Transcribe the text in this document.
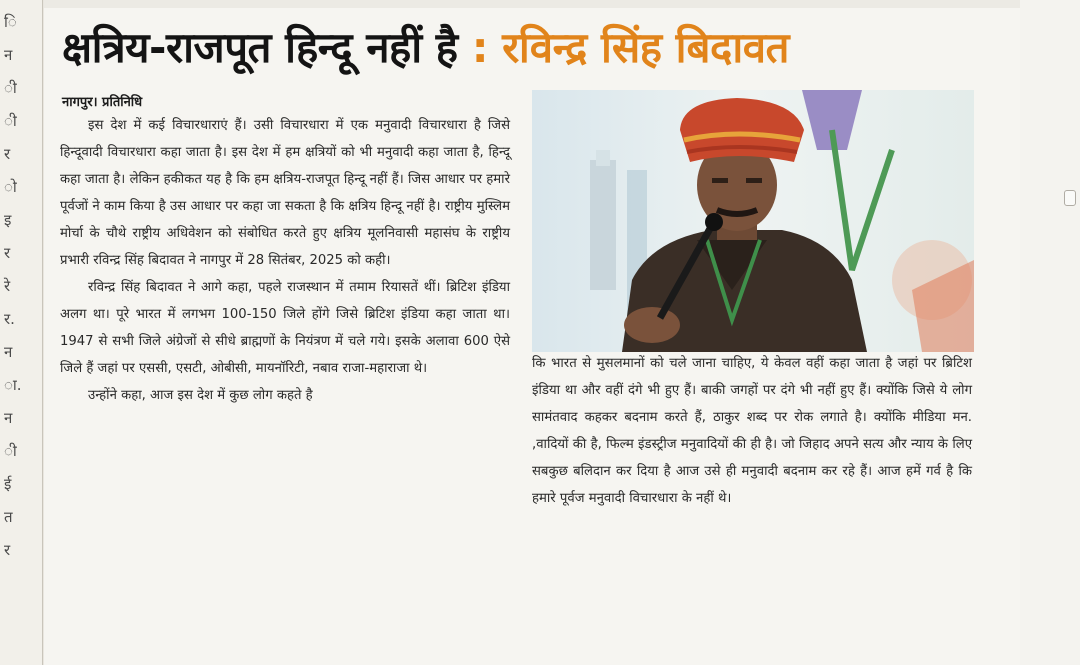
ि
न
ी
ी
र
ो
इ
र
रे
र.
न
ा.
न
ी
ई
त
र
क्षत्रिय-राजपूत हिन्दू नहीं है : रविन्द्र सिंह बिदावत
नागपुर। प्रतिनिधि

इस देश में कई विचारधाराएं हैं। उसी विचारधारा में एक मनुवादी विचारधारा है जिसे हिन्दूवादी विचारधारा कहा जाता है। इस देश में हम क्षत्रियों को भी मनुवादी कहा जाता है, हिन्दू कहा जाता है। लेकिन हकीकत यह है कि हम क्षत्रिय-राजपूत हिन्दू नहीं हैं। जिस आधार पर हमारे पूर्वजों ने काम किया है उस आधार पर कहा जा सकता है कि क्षत्रिय हिन्दू नहीं है। राष्ट्रीय मुस्लिम मोर्चा के चौथे राष्ट्रीय अधिवेशन को संबोधित करते हुए क्षत्रिय मूलनिवासी महासंघ के राष्ट्रीय प्रभारी रविन्द्र सिंह बिदावत ने नागपुर में 28 सितंबर, 2025 को कही।

रविन्द्र सिंह बिदावत ने आगे कहा, पहले राजस्थान में तमाम रियासतें थीं। ब्रिटिश इंडिया अलग था। पूरे भारत में लगभग 100-150 जिले होंगे जिसे ब्रिटिश इंडिया कहा जाता था। 1947 से सभी जिले अंग्रेजों से सीधे ब्राह्मणों के नियंत्रण में चले गये। इसके अलावा 600 ऐसे जिले हैं जहां पर एससी, एसटी, ओबीसी, मायनॉरिटी, नबाव राजा-महाराजा थे।

उन्होंने कहा, आज इस देश में कुछ लोग कहते है

कि भारत से मुसलमानों को चले जाना चाहिए, ये केवल वहीं कहा जाता है जहां पर ब्रिटिश इंडिया था और वहीं दंगे भी हुए हैं। बाकी जगहों पर दंगे भी नहीं हुए हैं। क्योंकि जिसे ये लोग सामंतवाद कहकर बदनाम करते हैं, ठाकुर शब्द पर रोक लगाते है। क्योंकि मीडिया मन. ,वादियों की है, फिल्म इंडस्ट्रीज मनुवादियों की ही है। जो जिहाद अपने सत्य और न्याय के लिए सबकुछ बलिदान कर दिया है आज उसे ही मनुवादी बदनाम कर रहे हैं। आज हमें गर्व है कि हमारे पूर्वज मनुवादी विचारधारा के नहीं थे।
